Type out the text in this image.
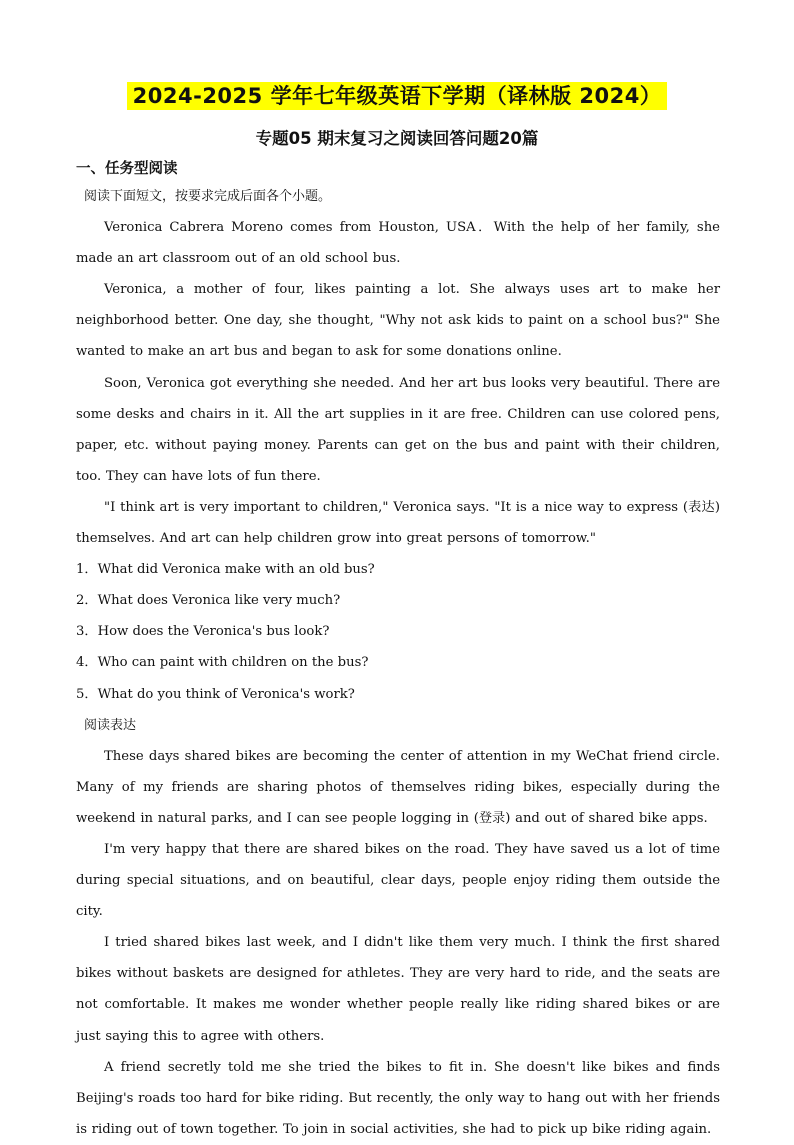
2024-2025 学年七年级英语下学期（译林版 2024）
专题05 期末复习之阅读回答问题20篇
一、任务型阅读

阅读下面短文，按要求完成后面各个小题。

Veronica Cabrera Moreno comes from Houston, USA．With the help of her family, she made an art classroom out of an old school bus.

Veronica, a mother of four, likes painting a lot. She always uses art to make her neighborhood better. One day, she thought, "Why not ask kids to paint on a school bus?" She wanted to make an art bus and began to ask for some donations online.

Soon, Veronica got everything she needed. And her art bus looks very beautiful. There are some desks and chairs in it. All the art supplies in it are free. Children can use colored pens, paper, etc. without paying money. Parents can get on the bus and paint with their children, too. They can have lots of fun there.

"I think art is very important to children," Veronica says. "It is a nice way to express (表达) themselves. And art can help children grow into great persons of tomorrow."

1．What did Veronica make with an old bus?

2．What does Veronica like very much?

3．How does the Veronica's bus look?

4．Who can paint with children on the bus?

5．What do you think of Veronica's work?

阅读表达

These days shared bikes are becoming the center of attention in my WeChat friend circle. Many of my friends are sharing photos of themselves riding bikes, especially during the weekend in natural parks, and I can see people logging in (登录) and out of shared bike apps.

I'm very happy that there are shared bikes on the road. They have saved us a lot of time during special situations, and on beautiful, clear days, people enjoy riding them outside the city.

I tried shared bikes last week, and I didn't like them very much. I think the first shared bikes without baskets are designed for athletes. They are very hard to ride, and the seats are not comfortable. It makes me wonder whether people really like riding shared bikes or are just saying this to agree with others.

A friend secretly told me she tried the bikes to fit in. She doesn't like bikes and finds Beijing's roads too hard for bike riding. But recently, the only way to hang out with her friends is riding out of town together. To join in social activities, she had to pick up bike riding again.
